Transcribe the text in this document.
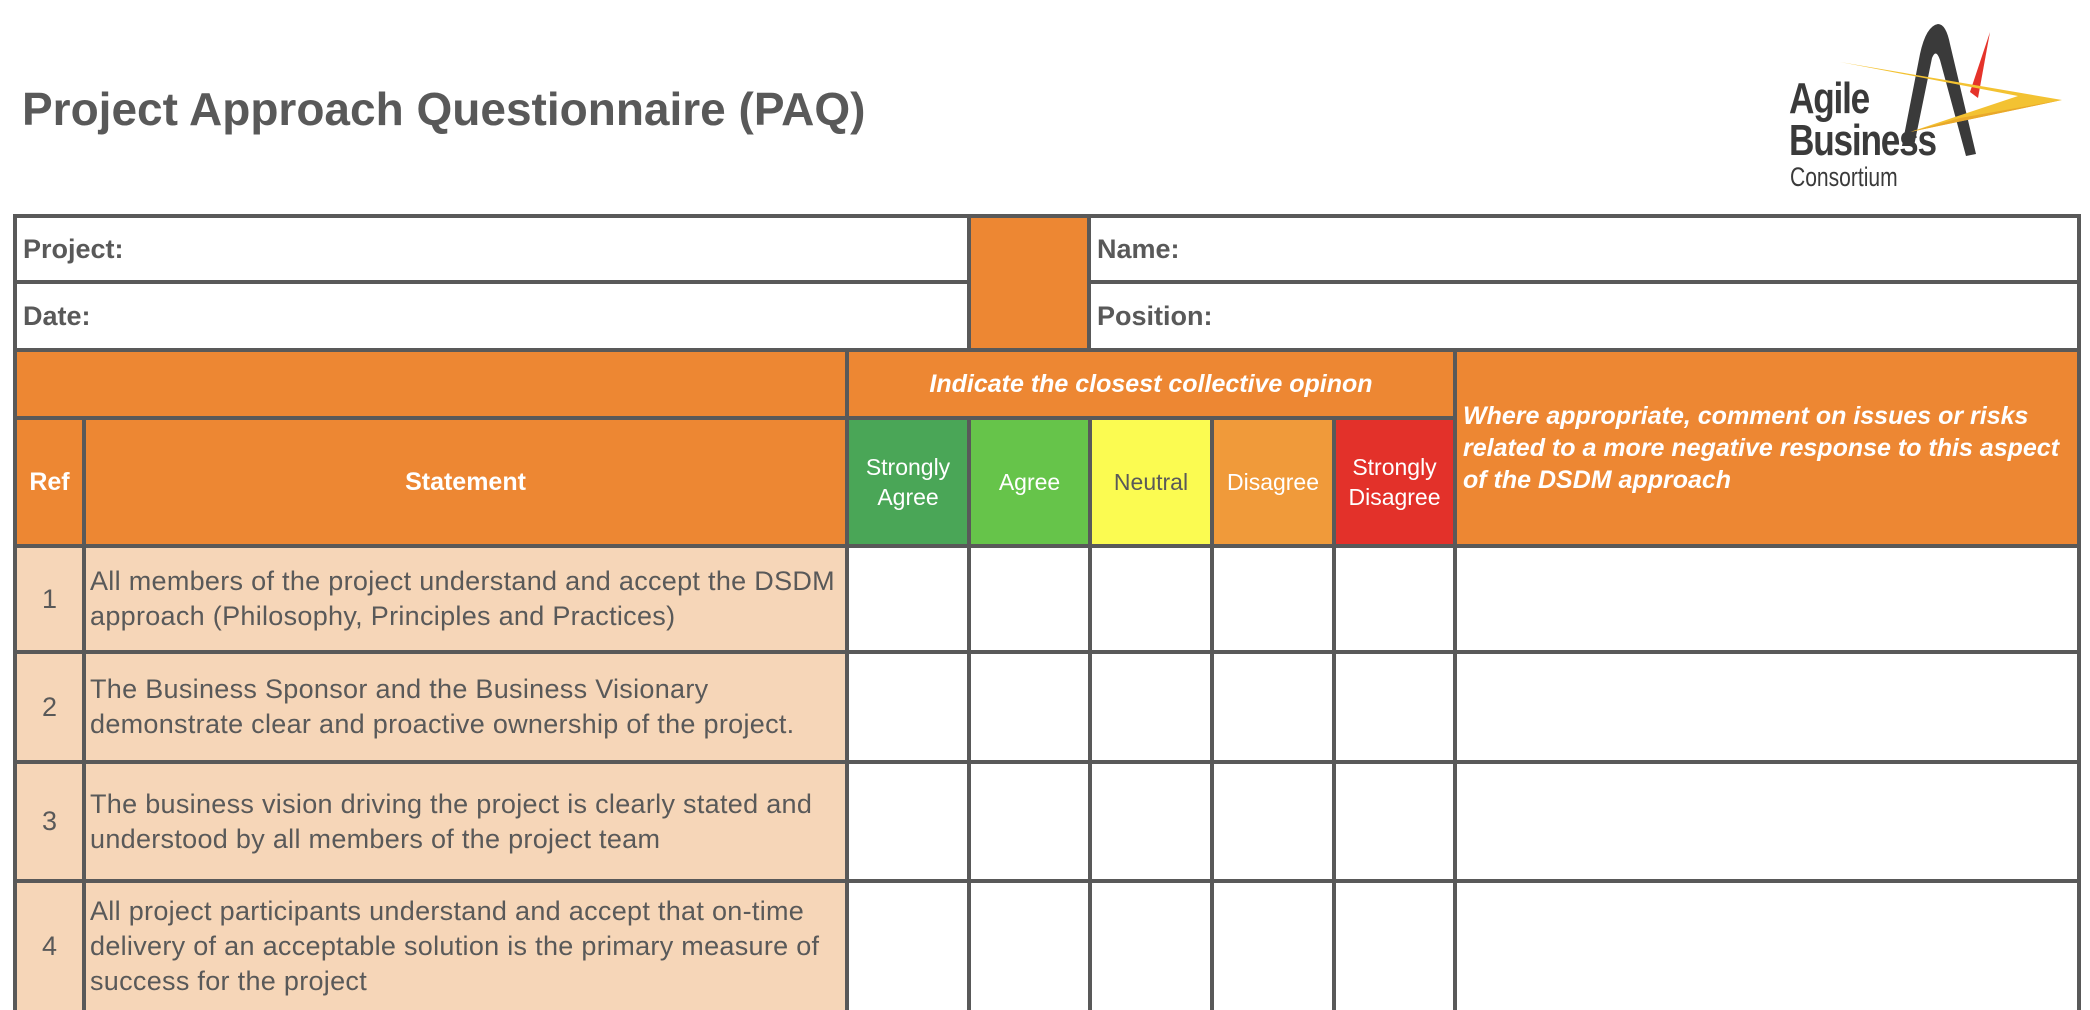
Project Approach Questionnaire (PAQ)	Agile
Business
Consortium
Project:
Date:
Name:
Position:
Indicate the closest collective opinon
Where appropriate, comment on issues or risks related to a more negative response to this aspect of the DSDM approach
Ref	Statement
Strongly Agree
Agree Neutral Disagree
Strongly Disagree
1
All members of the project understand and accept the DSDM approach (Philosophy, Principles and Practices)
2
The Business Sponsor and the Business Visionary demonstrate clear and proactive ownership of the project.
3
The business vision driving the project is clearly stated and understood by all members of the project team
4
All project participants understand and accept that on-time delivery of an acceptable solution is the primary measure of success for the project
